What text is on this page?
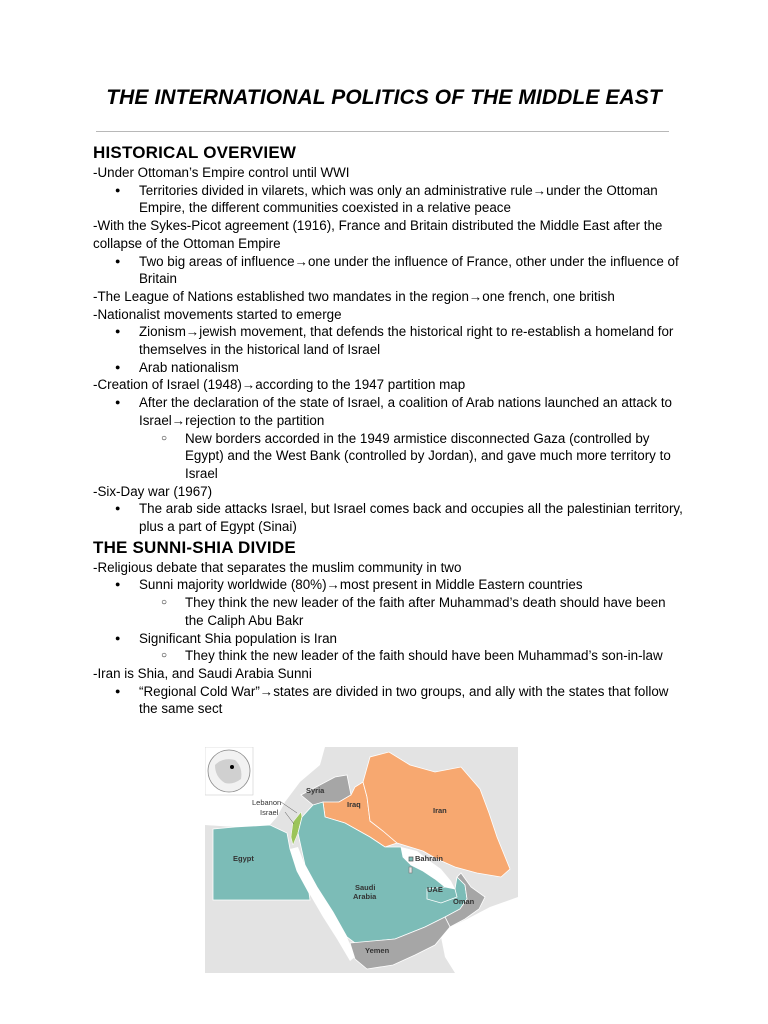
THE INTERNATIONAL POLITICS OF THE MIDDLE EAST
HISTORICAL OVERVIEW

-Under Ottoman’s Empire control until WWI

● Territories divided in vilarets, which was only an administrative rule→under the Ottoman Empire, the different communities coexisted in a relative peace

-With the Sykes-Picot agreement (1916), France and Britain distributed the Middle East after the collapse of the Ottoman Empire

● Two big areas of influence→one under the influence of France, other under the influence of Britain

-The League of Nations established two mandates in the region→one french, one british

-Nationalist movements started to emerge

● Zionism→jewish movement, that defends the historical right to re-establish a homeland for themselves in the historical land of Israel
● Arab nationalism

-Creation of Israel (1948)→according to the 1947 partition map

● After the declaration of the state of Israel, a coalition of Arab nations launched an attack to Israel→rejection to the partition
○ New borders accorded in the 1949 armistice disconnected Gaza (controlled by Egypt) and the West Bank (controlled by Jordan), and gave much more territory to Israel

-Six-Day war (1967)

● The arab side attacks Israel, but Israel comes back and occupies all the palestinian territory, plus a part of Egypt (Sinai)
THE SUNNI-SHIA DIVIDE

-Religious debate that separates the muslim community in two

● Sunni majority worldwide (80%)→most present in Middle Eastern countries
○ They think the new leader of the faith after Muhammad’s death should have been the Caliph Abu Bakr
● Significant Shia population is Iran
○ They think the new leader of the faith should have been Muhammad’s son-in-law

-Iran is Shia, and Saudi Arabia Sunni

● “Regional Cold War”→states are divided in two groups, and ally with the states that follow the same sect
Syria
Lebanon
Israel
Iraq
Iran
Egypt	Bahrain
Saudi
Arabia
UAE
Oman
Yemen
